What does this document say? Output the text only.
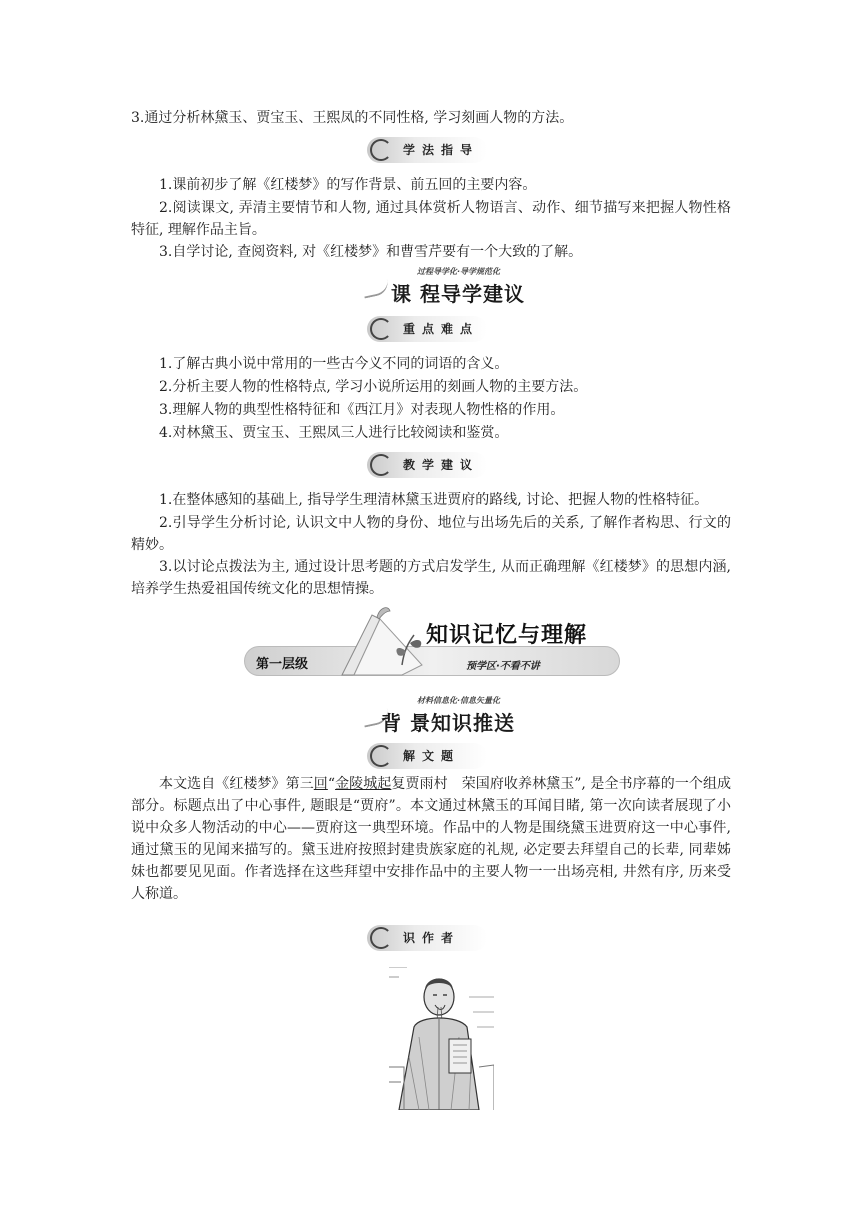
3.通过分析林黛玉、贾宝玉、王熙凤的不同性格, 学习刻画人物的方法。
学法指导
1.课前初步了解《红楼梦》的写作背景、前五回的主要内容。
2.阅读课文, 弄清主要情节和人物, 通过具体赏析人物语言、动作、细节描写来把握人物性格特征, 理解作品主旨。
3.自学讨论, 查阅资料, 对《红楼梦》和曹雪芹要有一个大致的了解。
过程导学化·导学规范化
课 程导学建议
重点难点
1.了解古典小说中常用的一些古今义不同的词语的含义。
2.分析主要人物的性格特点, 学习小说所运用的刻画人物的主要方法。
3.理解人物的典型性格特征和《西江月》对表现人物性格的作用。
4.对林黛玉、贾宝玉、王熙凤三人进行比较阅读和鉴赏。
教学建议
1.在整体感知的基础上, 指导学生理清林黛玉进贾府的路线, 讨论、把握人物的性格特征。
2.引导学生分析讨论, 认识文中人物的身份、地位与出场先后的关系, 了解作者构思、行文的精妙。
3.以讨论点拨法为主, 通过设计思考题的方式启发学生, 从而正确理解《红楼梦》的思想内涵, 培养学生热爱祖国传统文化的思想情操。
第一层级
知识记忆与理解
预学区·不看不讲
材料信息化·信息矢量化
背 景知识推送
解文题
本文选自《红楼梦》第三回“金陵城起复贾雨村　荣国府收养林黛玉”, 是全书序幕的一个组成部分。标题点出了中心事件, 题眼是“贾府”。本文通过林黛玉的耳闻目睹, 第一次向读者展现了小说中众多人物活动的中心——贾府这一典型环境。作品中的人物是围绕黛玉进贾府这一中心事件, 通过黛玉的见闻来描写的。黛玉进府按照封建贵族家庭的礼规, 必定要去拜望自己的长辈, 同辈姊妹也都要见见面。作者选择在这些拜望中安排作品中的主要人物一一出场亮相, 井然有序, 历来受人称道。
识作者
